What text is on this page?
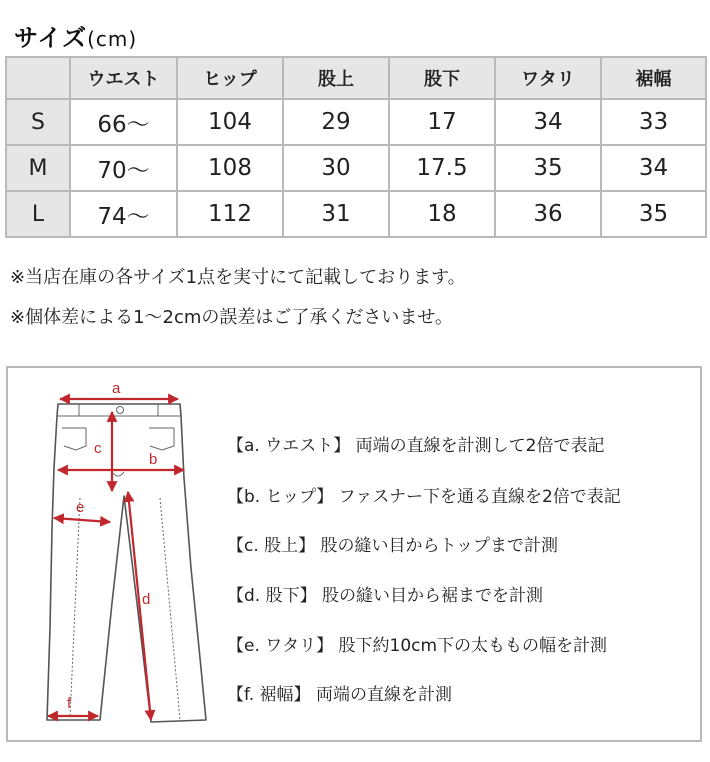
サイズ(cm)
	ウエスト	ヒップ	股上	股下	ワタリ	裾幅
S	66〜	104	29	17	34	33
M	70〜	108	30	17.5	35	34
L	74〜	112	31	18	36	35
※当店在庫の各サイズ1点を実寸にて記載しております。
※個体差による1〜2cmの誤差はご了承くださいませ。
a
b
c
d
e
f
【a. ウエスト】 両端の直線を計測して2倍で表記
【b. ヒップ】 ファスナー下を通る直線を2倍で表記
【c. 股上】 股の縫い目からトップまで計測
【d. 股下】 股の縫い目から裾までを計測
【e. ワタリ】 股下約10cm下の太ももの幅を計測
【f. 裾幅】 両端の直線を計測
